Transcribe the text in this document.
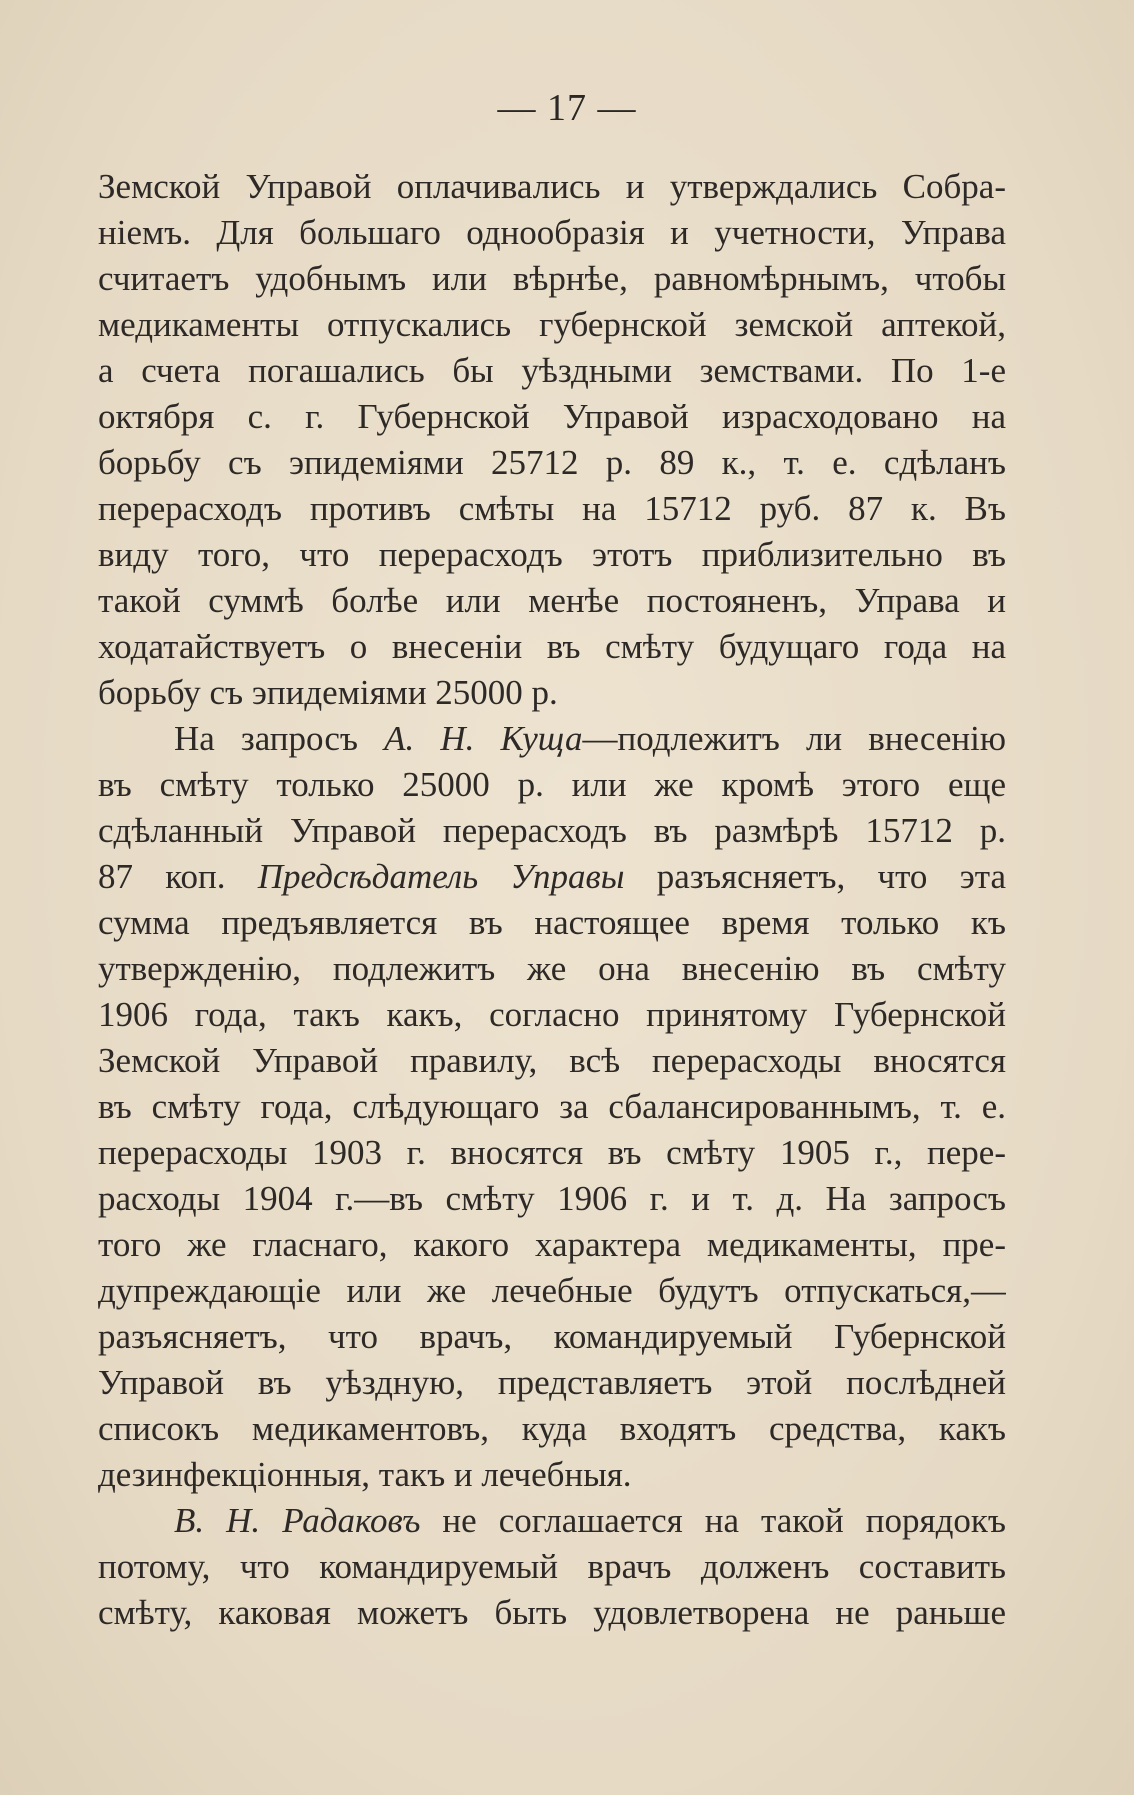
— 17 —
Земской Управой оплачивались и утверждались Собра-
ніемъ. Для большаго однообразія и учетности, Управа
считаетъ удобнымъ или вѣрнѣе, равномѣрнымъ, чтобы
медикаменты отпускались губернской земской аптекой,
а счета погашались бы уѣздными земствами. По 1-е
октября с. г. Губернской Управой израсходовано на
борьбу съ эпидеміями 25712 р. 89 к., т. е. сдѣланъ
перерасходъ противъ смѣты на 15712 руб. 87 к. Въ
виду того, что перерасходъ этотъ приблизительно въ
такой суммѣ болѣе или менѣе постояненъ, Управа и
ходатайствуетъ о внесеніи въ смѣту будущаго года на
борьбу съ эпидеміями 25000 р.
На запросъ А. Н. Куща—подлежитъ ли внесенію
въ смѣту только 25000 р. или же кромѣ этого еще
сдѣланный Управой перерасходъ въ размѣрѣ 15712 р.
87 коп. Предсѣдатель Управы разъясняетъ, что эта
сумма предъявляется въ настоящее время только къ
утвержденію, подлежитъ же она внесенію въ смѣту
1906 года, такъ какъ, согласно принятому Губернской
Земской Управой правилу, всѣ перерасходы вносятся
въ смѣту года, слѣдующаго за сбалансированнымъ, т. е.
перерасходы 1903 г. вносятся въ смѣту 1905 г., пере-
расходы 1904 г.—въ смѣту 1906 г. и т. д. На запросъ
того же гласнаго, какого характера медикаменты, пре-
дупреждающіе или же лечебные будутъ отпускаться,—
разъясняетъ, что врачъ, командируемый Губернской
Управой въ уѣздную, представляетъ этой послѣдней
списокъ медикаментовъ, куда входятъ средства, какъ
дезинфекціонныя, такъ и лечебныя.
В. Н. Радаковъ не соглашается на такой порядокъ
потому, что командируемый врачъ долженъ составить
смѣту, каковая можетъ быть удовлетворена не раньше
